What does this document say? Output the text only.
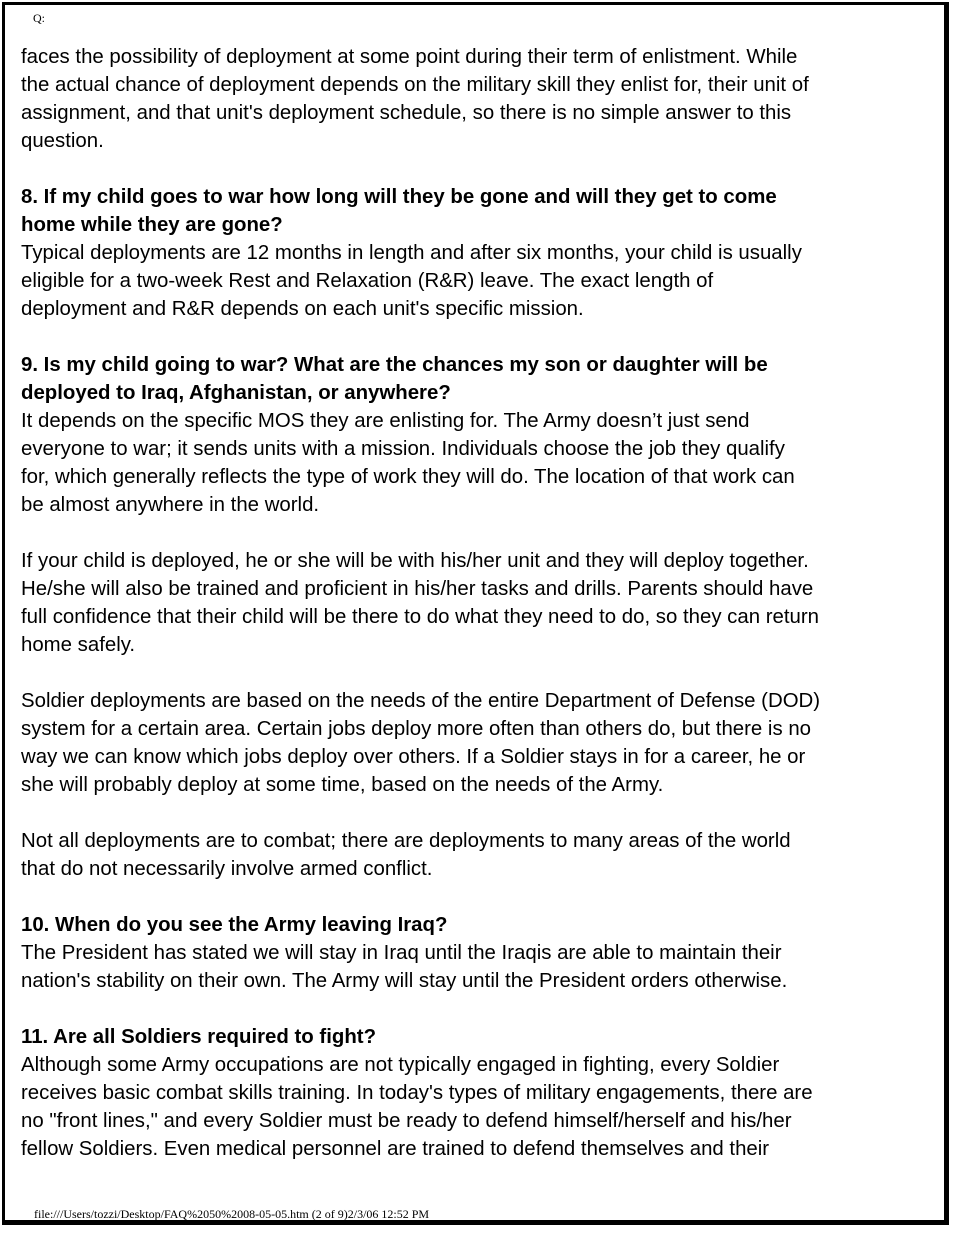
Q:

faces the possibility of deployment at some point during their term of enlistment. While
the actual chance of deployment depends on the military skill they enlist for, their unit of
assignment, and that unit's deployment schedule, so there is no simple answer to this
question.

8. If my child goes to war how long will they be gone and will they get to come
home while they are gone?

Typical deployments are 12 months in length and after six months, your child is usually
eligible for a two-week Rest and Relaxation (R&R) leave. The exact length of
deployment and R&R depends on each unit's specific mission.

9. Is my child going to war? What are the chances my son or daughter will be
deployed to Iraq, Afghanistan, or anywhere?

It depends on the specific MOS they are enlisting for. The Army doesn’t just send
everyone to war; it sends units with a mission. Individuals choose the job they qualify
for, which generally reflects the type of work they will do. The location of that work can
be almost anywhere in the world.

If your child is deployed, he or she will be with his/her unit and they will deploy together.
He/she will also be trained and proficient in his/her tasks and drills. Parents should have
full confidence that their child will be there to do what they need to do, so they can return
home safely.

Soldier deployments are based on the needs of the entire Department of Defense (DOD)
system for a certain area. Certain jobs deploy more often than others do, but there is no
way we can know which jobs deploy over others. If a Soldier stays in for a career, he or
she will probably deploy at some time, based on the needs of the Army.

Not all deployments are to combat; there are deployments to many areas of the world
that do not necessarily involve armed conflict.

10. When do you see the Army leaving Iraq?

The President has stated we will stay in Iraq until the Iraqis are able to maintain their
nation's stability on their own. The Army will stay until the President orders otherwise.

11. Are all Soldiers required to fight?

Although some Army occupations are not typically engaged in fighting, every Soldier
receives basic combat skills training. In today's types of military engagements, there are
no "front lines," and every Soldier must be ready to defend himself/herself and his/her
fellow Soldiers. Even medical personnel are trained to defend themselves and their

file:///Users/tozzi/Desktop/FAQ%2050%2008-05-05.htm (2 of 9)2/3/06 12:52 PM
